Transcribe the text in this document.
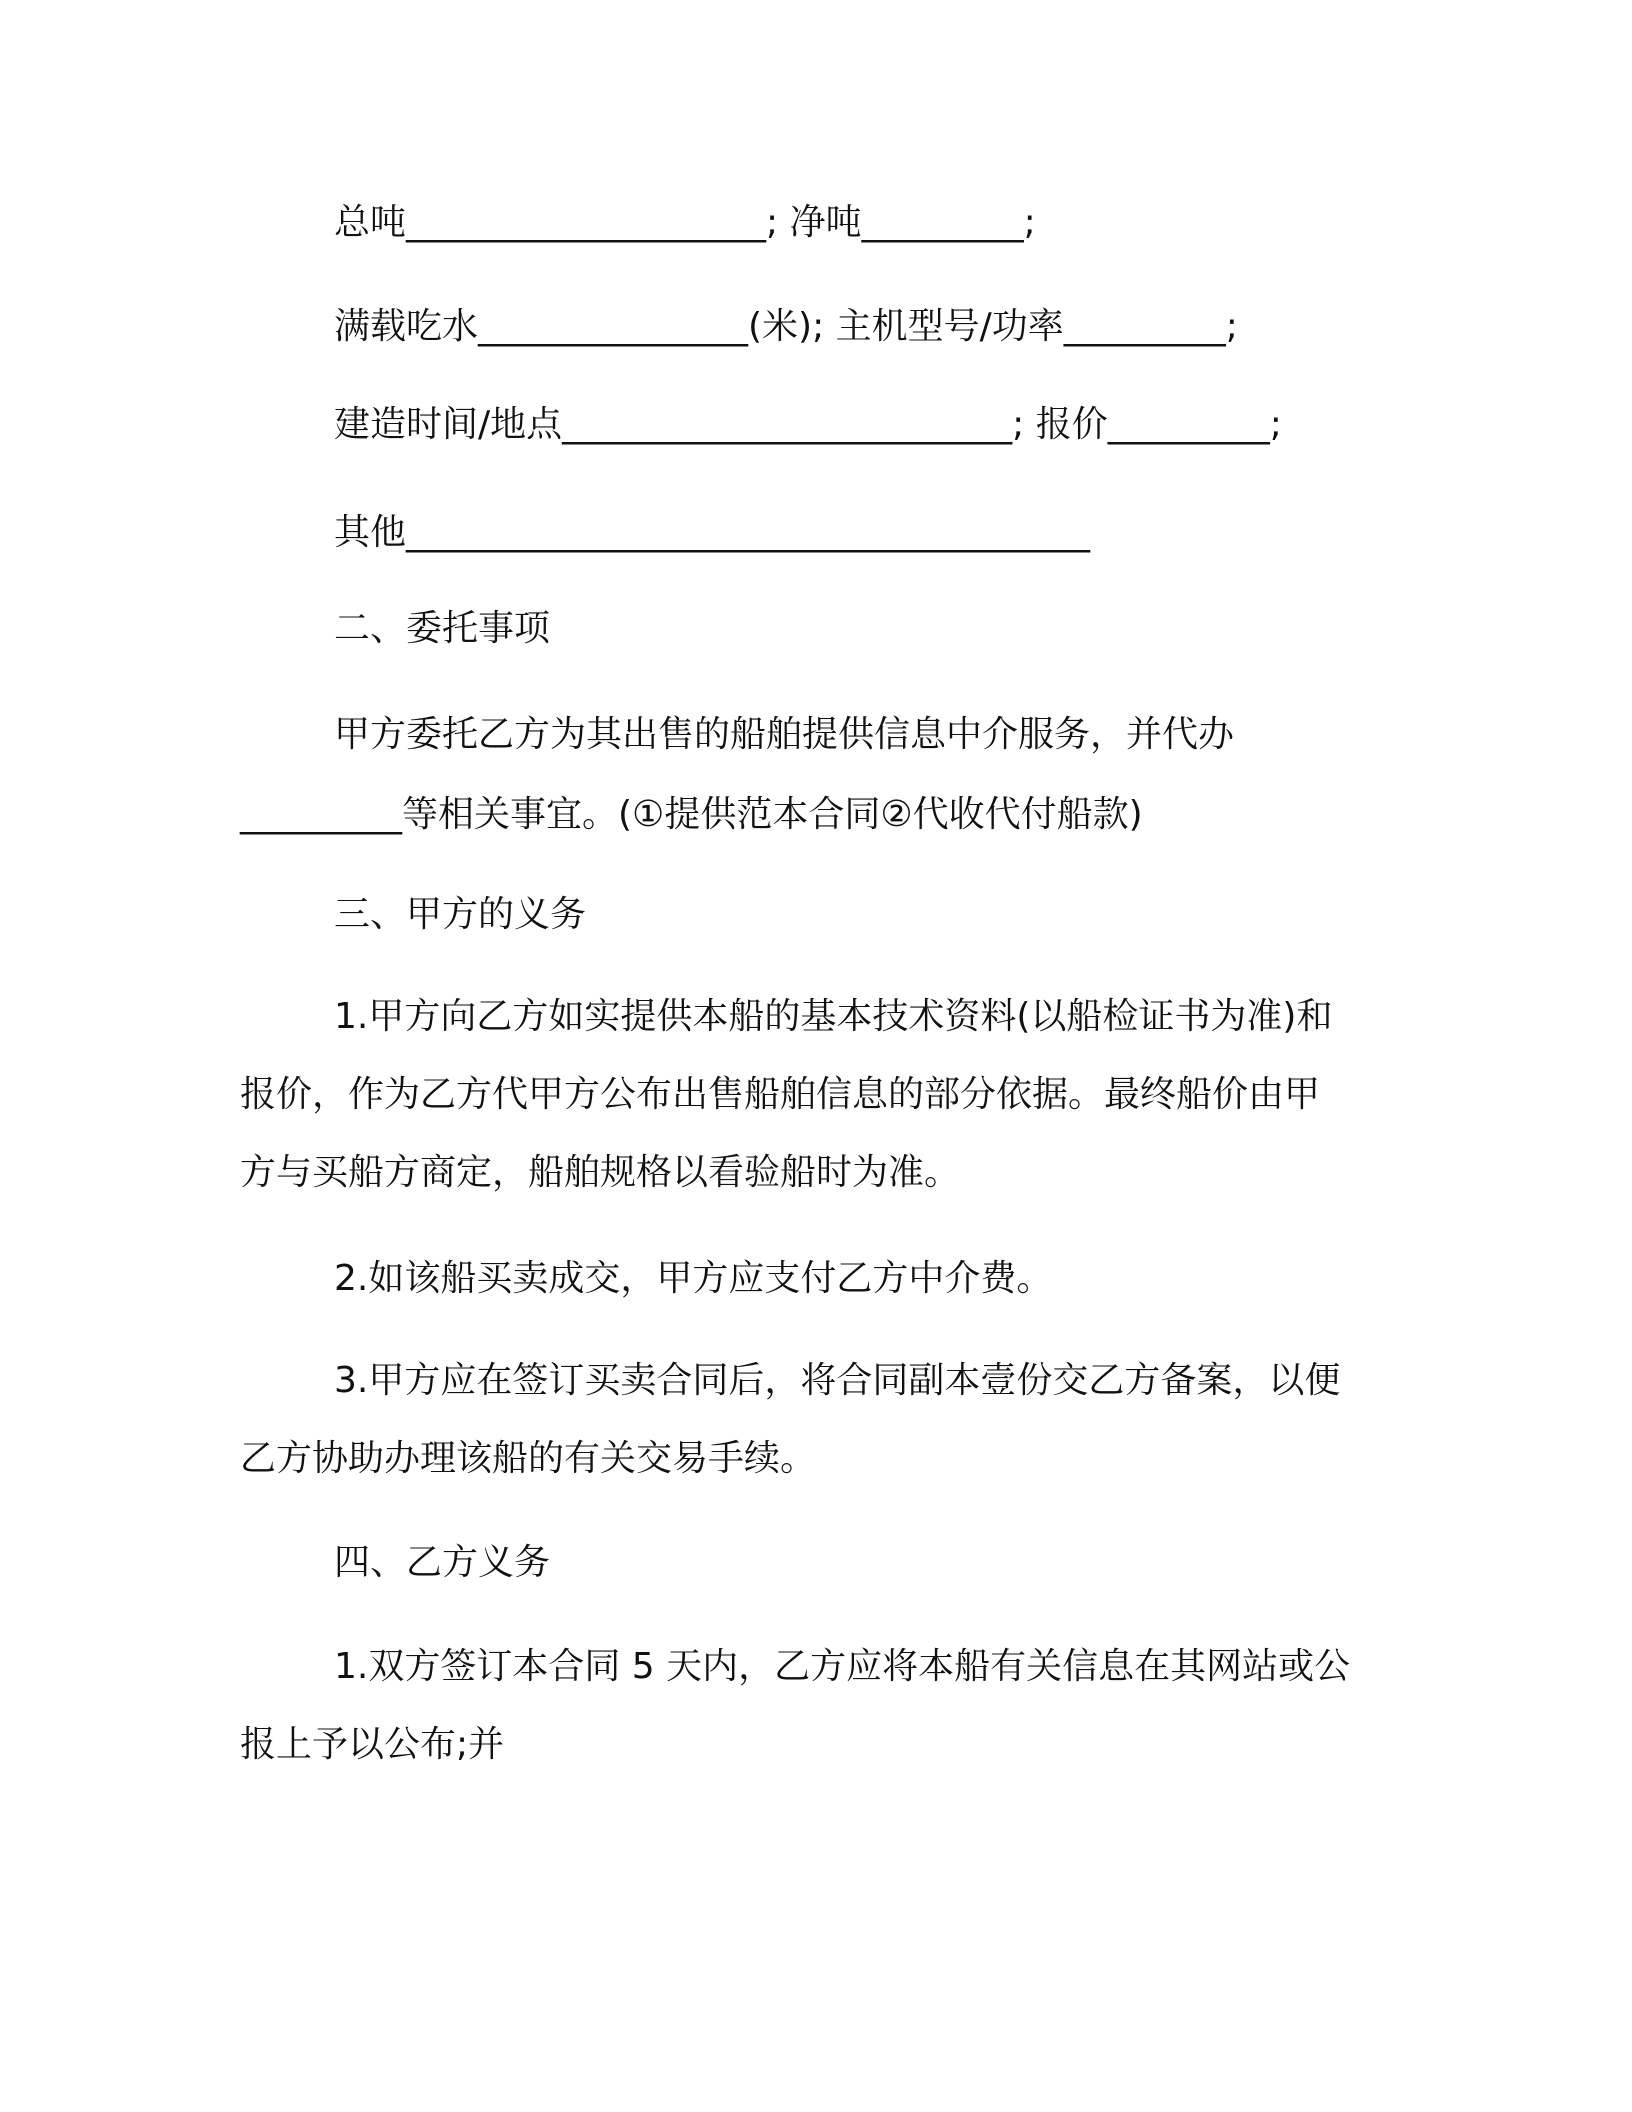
总吨____________________; 净吨_________;
满载吃水_______________(米); 主机型号/功率_________;
建造时间/地点_________________________; 报价_________;
其他______________________________________
二、委托事项
甲方委托乙方为其出售的船舶提供信息中介服务，并代办
_________等相关事宜。(①提供范本合同②代收代付船款)
三、甲方的义务
1.甲方向乙方如实提供本船的基本技术资料(以船检证书为准)和
报价，作为乙方代甲方公布出售船舶信息的部分依据。最终船价由甲
方与买船方商定，船舶规格以看验船时为准。
2.如该船买卖成交，甲方应支付乙方中介费。
3.甲方应在签订买卖合同后，将合同副本壹份交乙方备案，以便
乙方协助办理该船的有关交易手续。
四、乙方义务
1.双方签订本合同 5 天内，乙方应将本船有关信息在其网站或公
报上予以公布;并
